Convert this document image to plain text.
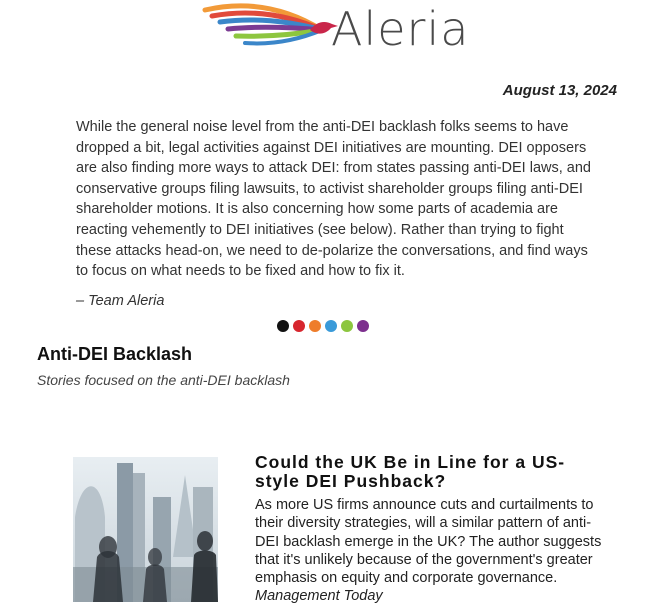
Aleria
August 13, 2024

While the general noise level from the anti-DEI backlash folks seems to have dropped a bit, legal activities against DEI initiatives are mounting. DEI opposers are also finding more ways to attack DEI: from states passing anti-DEI laws, and conservative groups filing lawsuits, to activist shareholder groups filing anti-DEI shareholder motions. It is also concerning how some parts of academia are reacting vehemently to DEI initiatives (see below). Rather than trying to fight these attacks head-on, we need to de-polarize the conversations, and find ways to focus on what needs to be fixed and how to fix it.

– Team Aleria
Anti-DEI Backlash
Stories focused on the anti-DEI backlash
Could the UK Be in Line for a US-style DEI Pushback?
As more US firms announce cuts and curtailments to their diversity strategies, will a similar pattern of anti-DEI backlash emerge in the UK? The author suggests that it's unlikely because of the government's greater emphasis on equity and corporate governance. Management Today
